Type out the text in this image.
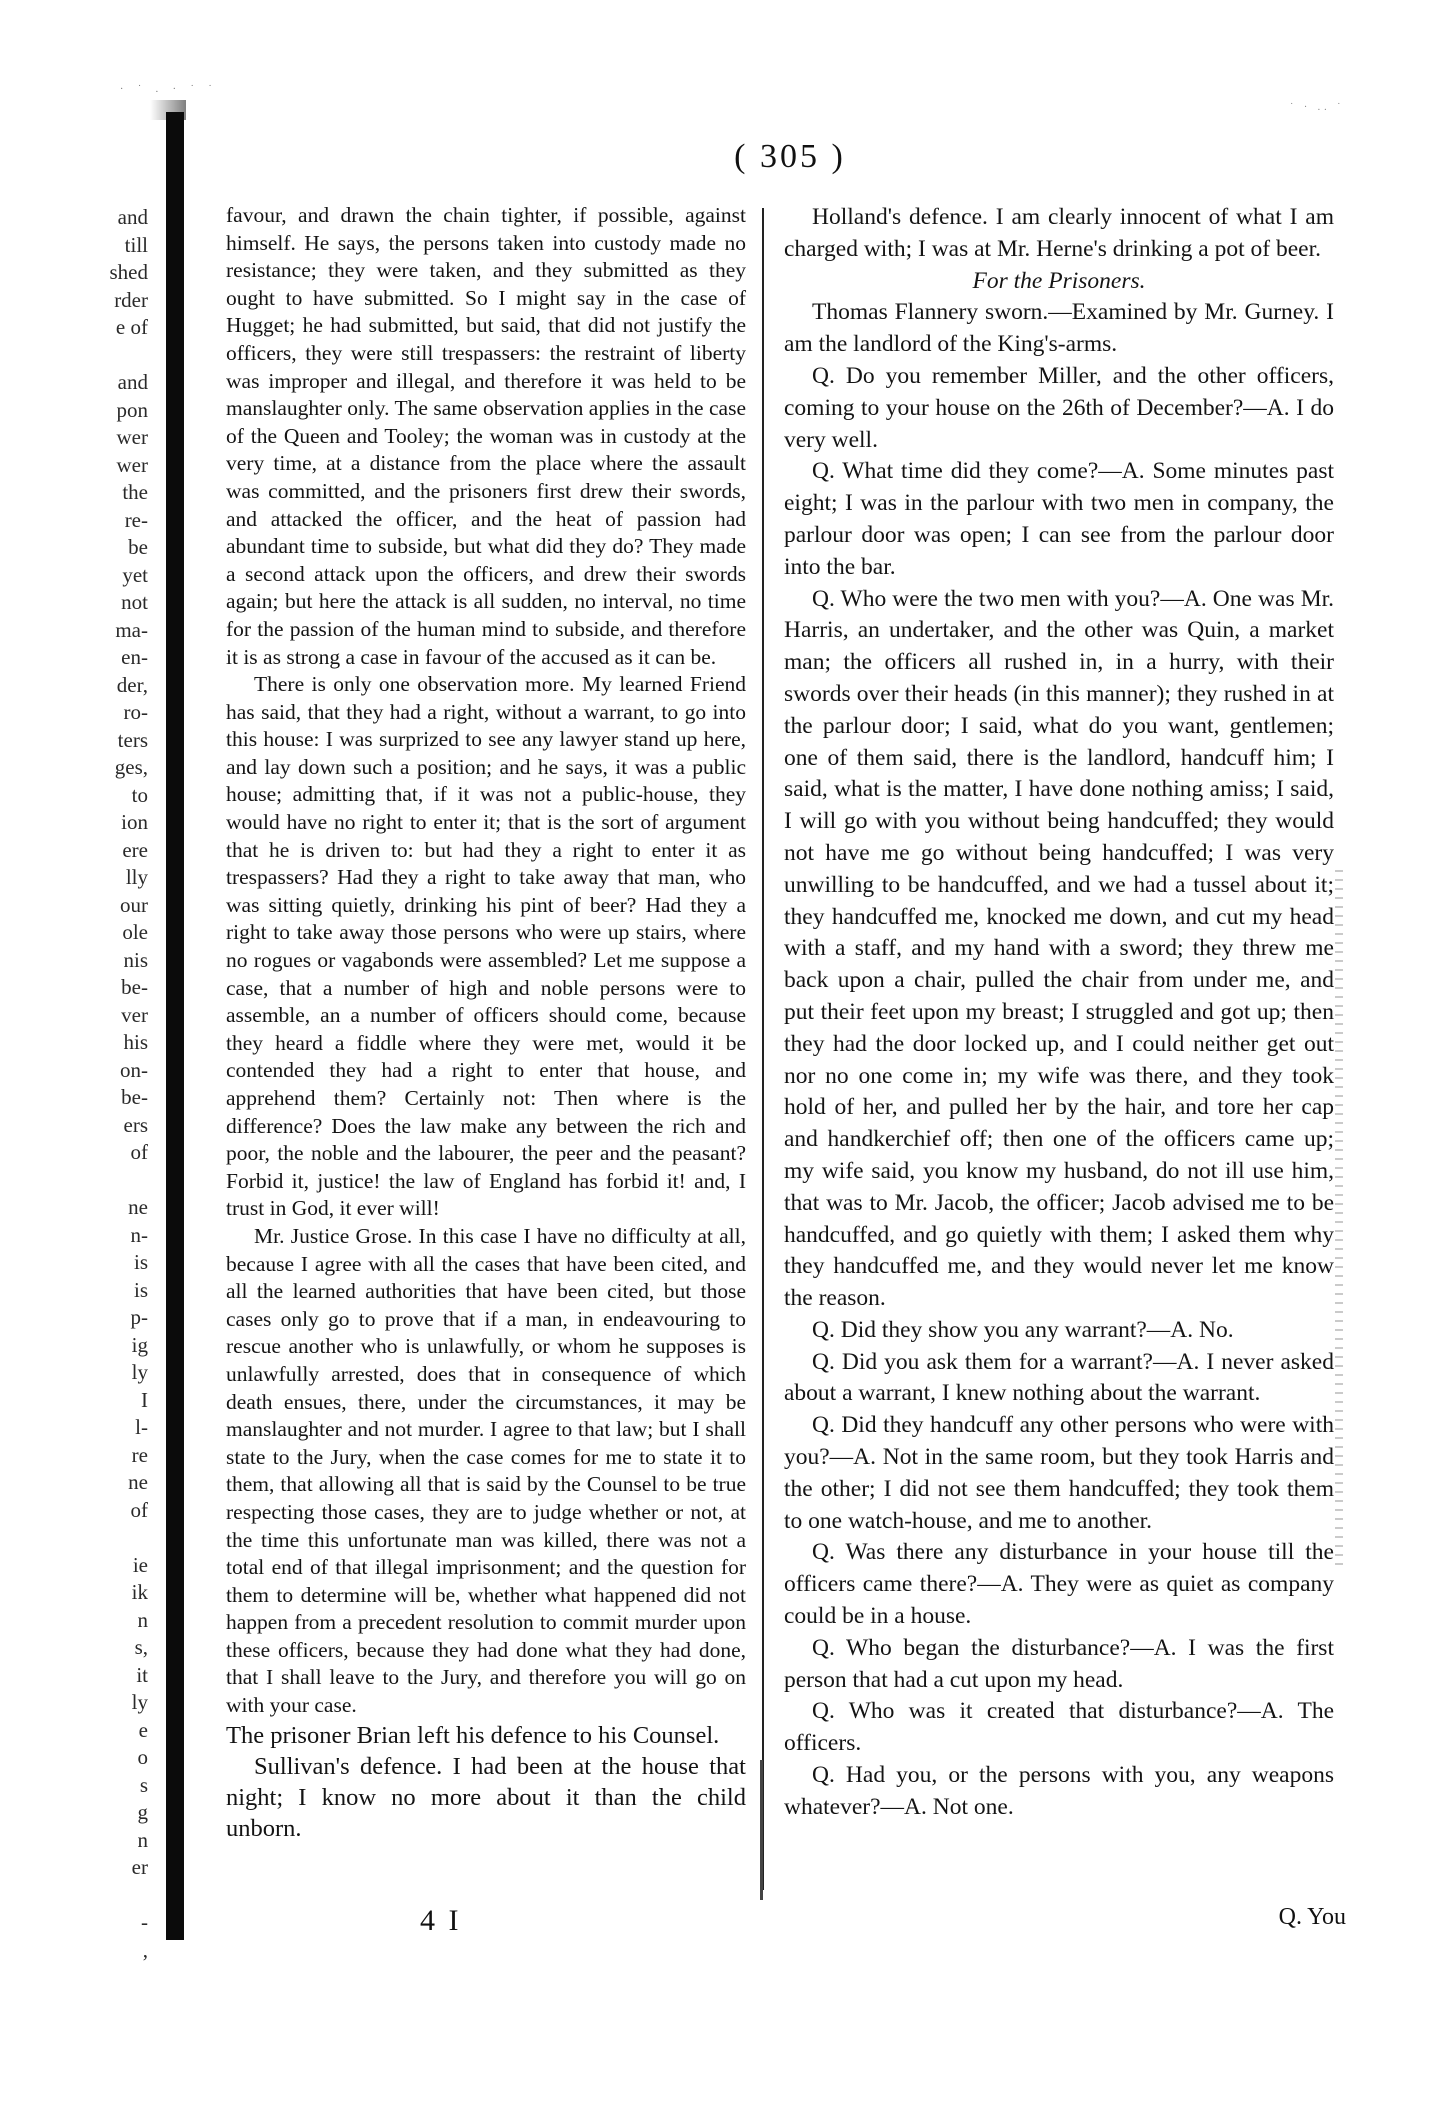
· ˙ . · ˙ ˙
˙ · .. ˙
and
till
shed
rder
e of
and
pon
wer
wer
the
re-
be
yet
not
ma-
en-
der,
ro-
ters
ges,
to
ion
ere
lly
our
ole
nis
be-
ver
his
on-
be-
ers
of
ne
n-
is
is
p-
ig
ly
I
l-
re
ne
of
ie
ik
n
s,
it
ly
e
o
s
g
n
er
-
,
( 305 )

favour, and drawn the chain tighter, if possible, against himself. He says, the persons taken into custody made no resistance; they were taken, and they submitted as they ought to have submitted. So I might say in the case of Hugget; he had submitted, but said, that did not justify the officers, they were still trespassers: the restraint of liberty was improper and illegal, and therefore it was held to be manslaughter only. The same observation applies in the case of the Queen and Tooley; the woman was in custody at the very time, at a distance from the place where the assault was committed, and the prisoners first drew their swords, and attacked the officer, and the heat of passion had abundant time to subside, but what did they do? They made a second attack upon the officers, and drew their swords again; but here the attack is all sudden, no interval, no time for the passion of the human mind to subside, and therefore it is as strong a case in favour of the accused as it can be.

There is only one observation more. My learned Friend has said, that they had a right, without a warrant, to go into this house: I was surprized to see any lawyer stand up here, and lay down such a position; and he says, it was a public house; admitting that, if it was not a public-house, they would have no right to enter it; that is the sort of argument that he is driven to: but had they a right to enter it as trespassers? Had they a right to take away that man, who was sitting quietly, drinking his pint of beer? Had they a right to take away those persons who were up stairs, where no rogues or vagabonds were assembled? Let me suppose a case, that a number of high and noble persons were to assemble, an a number of officers should come, because they heard a fiddle where they were met, would it be contended they had a right to enter that house, and apprehend them? Certainly not: Then where is the difference? Does the law make any between the rich and poor, the noble and the labourer, the peer and the peasant? Forbid it, justice! the law of England has forbid it! and, I trust in God, it ever will!

Mr. Justice Grose. In this case I have no difficulty at all, because I agree with all the cases that have been cited, and all the learned authorities that have been cited, but those cases only go to prove that if a man, in endeavouring to rescue another who is unlawfully, or whom he supposes is unlawfully arrested, does that in consequence of which death ensues, there, under the circumstances, it may be manslaughter and not murder. I agree to that law; but I shall state to the Jury, when the case comes for me to state it to them, that allowing all that is said by the Counsel to be true respecting those cases, they are to judge whether or not, at the time this unfortunate man was killed, there was not a total end of that illegal imprisonment; and the question for them to determine will be, whether what happened did not happen from a precedent resolution to commit murder upon these officers, because they had done what they had done, that I shall leave to the Jury, and therefore you will go on with your case.

The prisoner Brian left his defence to his Counsel.

Sullivan's defence. I had been at the house that night; I know no more about it than the child unborn.

Holland's defence. I am clearly innocent of what I am charged with; I was at Mr. Herne's drinking a pot of beer.

For the Prisoners.

Thomas Flannery sworn.—Examined by Mr. Gurney. I am the landlord of the King's-arms.

Q. Do you remember Miller, and the other officers, coming to your house on the 26th of December?—A. I do very well.

Q. What time did they come?—A. Some minutes past eight; I was in the parlour with two men in company, the parlour door was open; I can see from the parlour door into the bar.

Q. Who were the two men with you?—A. One was Mr. Harris, an undertaker, and the other was Quin, a market man; the officers all rushed in, in a hurry, with their swords over their heads (in this manner); they rushed in at the parlour door; I said, what do you want, gentlemen; one of them said, there is the landlord, handcuff him; I said, what is the matter, I have done nothing amiss; I said, I will go with you without being handcuffed; they would not have me go without being handcuffed; I was very unwilling to be handcuffed, and we had a tussel about it; they handcuffed me, knocked me down, and cut my head with a staff, and my hand with a sword; they threw me back upon a chair, pulled the chair from under me, and put their feet upon my breast; I struggled and got up; then they had the door locked up, and I could neither get out nor no one come in; my wife was there, and they took hold of her, and pulled her by the hair, and tore her cap and handkerchief off; then one of the officers came up; my wife said, you know my husband, do not ill use him, that was to Mr. Jacob, the officer; Jacob advised me to be handcuffed, and go quietly with them; I asked them why they handcuffed me, and they would never let me know the reason.

Q. Did they show you any warrant?—A. No.

Q. Did you ask them for a warrant?—A. I never asked about a warrant, I knew nothing about the warrant.

Q. Did they handcuff any other persons who were with you?—A. Not in the same room, but they took Harris and the other; I did not see them handcuffed; they took them to one watch-house, and me to another.

Q. Was there any disturbance in your house till the officers came there?—A. They were as quiet as company could be in a house.

Q. Who began the disturbance?—A. I was the first person that had a cut upon my head.

Q. Who was it created that disturbance?—A. The officers.

Q. Had you, or the persons with you, any weapons whatever?—A. Not one.

4 I	Q. You
